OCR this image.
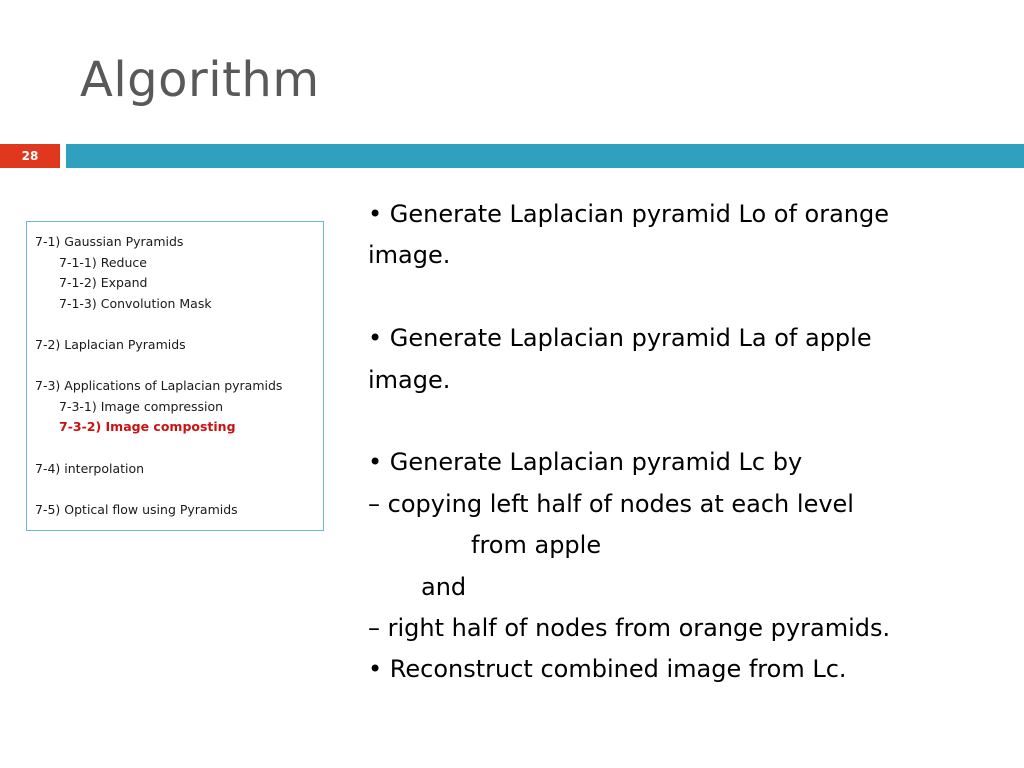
Algorithm
28
7-1) Gaussian Pyramids
7-1-1) Reduce
7-1-2) Expand
7-1-3) Convolution Mask
7-2) Laplacian Pyramids
7-3) Applications of Laplacian pyramids
7-3-1) Image compression
7-3-2) Image composting
7-4) interpolation
7-5) Optical flow using Pyramids
• Generate Laplacian pyramid Lo of orange
image.
• Generate Laplacian pyramid La of apple
image.
• Generate Laplacian pyramid Lc by
– copying left half of nodes at each level
from apple
and
– right half of nodes from orange pyramids.
• Reconstruct combined image from Lc.
